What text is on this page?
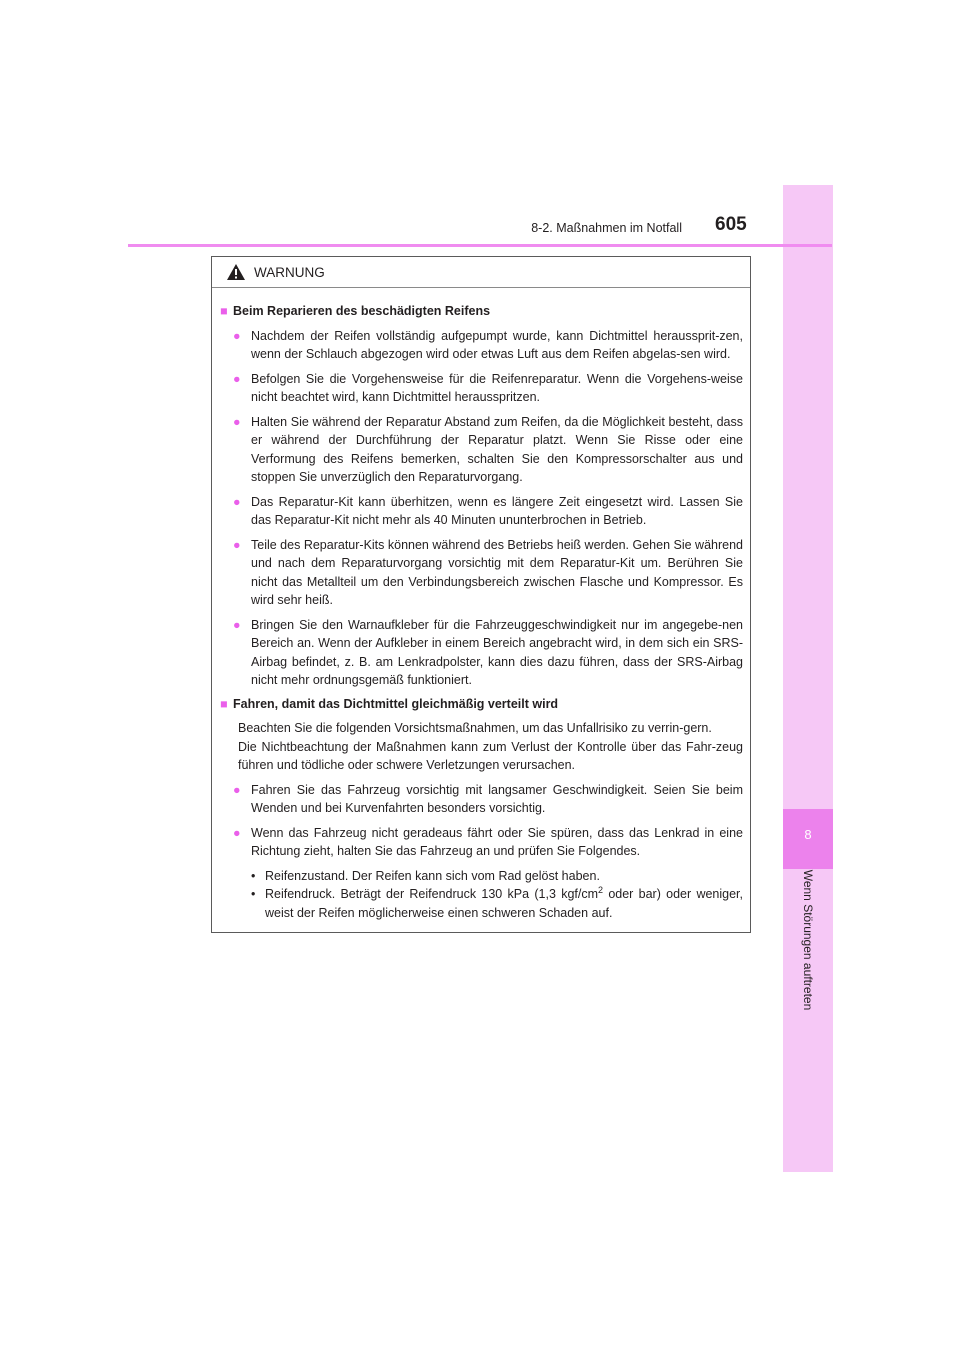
8
Wenn Störungen auftreten
8-2. Maßnahmen im Notfall 605
WARNUNG
■ Beim Reparieren des beschädigten Reifens
● Nachdem der Reifen vollständig aufgepumpt wurde, kann Dichtmittel heraussprit-zen, wenn der Schlauch abgezogen wird oder etwas Luft aus dem Reifen abgelas-sen wird.
● Befolgen Sie die Vorgehensweise für die Reifenreparatur. Wenn die Vorgehens-weise nicht beachtet wird, kann Dichtmittel herausspritzen.
● Halten Sie während der Reparatur Abstand zum Reifen, da die Möglichkeit besteht, dass er während der Durchführung der Reparatur platzt. Wenn Sie Risse oder eine Verformung des Reifens bemerken, schalten Sie den Kompressorschalter aus und stoppen Sie unverzüglich den Reparaturvorgang.
● Das Reparatur-Kit kann überhitzen, wenn es längere Zeit eingesetzt wird. Lassen Sie das Reparatur-Kit nicht mehr als 40 Minuten ununterbrochen in Betrieb.
● Teile des Reparatur-Kits können während des Betriebs heiß werden. Gehen Sie während und nach dem Reparaturvorgang vorsichtig mit dem Reparatur-Kit um. Berühren Sie nicht das Metallteil um den Verbindungsbereich zwischen Flasche und Kompressor. Es wird sehr heiß.
● Bringen Sie den Warnaufkleber für die Fahrzeuggeschwindigkeit nur im angegebe-nen Bereich an. Wenn der Aufkleber in einem Bereich angebracht wird, in dem sich ein SRS-Airbag befindet, z. B. am Lenkradpolster, kann dies dazu führen, dass der SRS-Airbag nicht mehr ordnungsgemäß funktioniert.
■ Fahren, damit das Dichtmittel gleichmäßig verteilt wird
Beachten Sie die folgenden Vorsichtsmaßnahmen, um das Unfallrisiko zu verrin-gern.
Die Nichtbeachtung der Maßnahmen kann zum Verlust der Kontrolle über das Fahr-zeug führen und tödliche oder schwere Verletzungen verursachen.
● Fahren Sie das Fahrzeug vorsichtig mit langsamer Geschwindigkeit. Seien Sie beim Wenden und bei Kurvenfahrten besonders vorsichtig.
● Wenn das Fahrzeug nicht geradeaus fährt oder Sie spüren, dass das Lenkrad in eine Richtung zieht, halten Sie das Fahrzeug an und prüfen Sie Folgendes.
• Reifenzustand. Der Reifen kann sich vom Rad gelöst haben.
• Reifendruck. Beträgt der Reifendruck 130 kPa (1,3 kgf/$cm^2$ oder bar) oder weniger, weist der Reifen möglicherweise einen schweren Schaden auf.
